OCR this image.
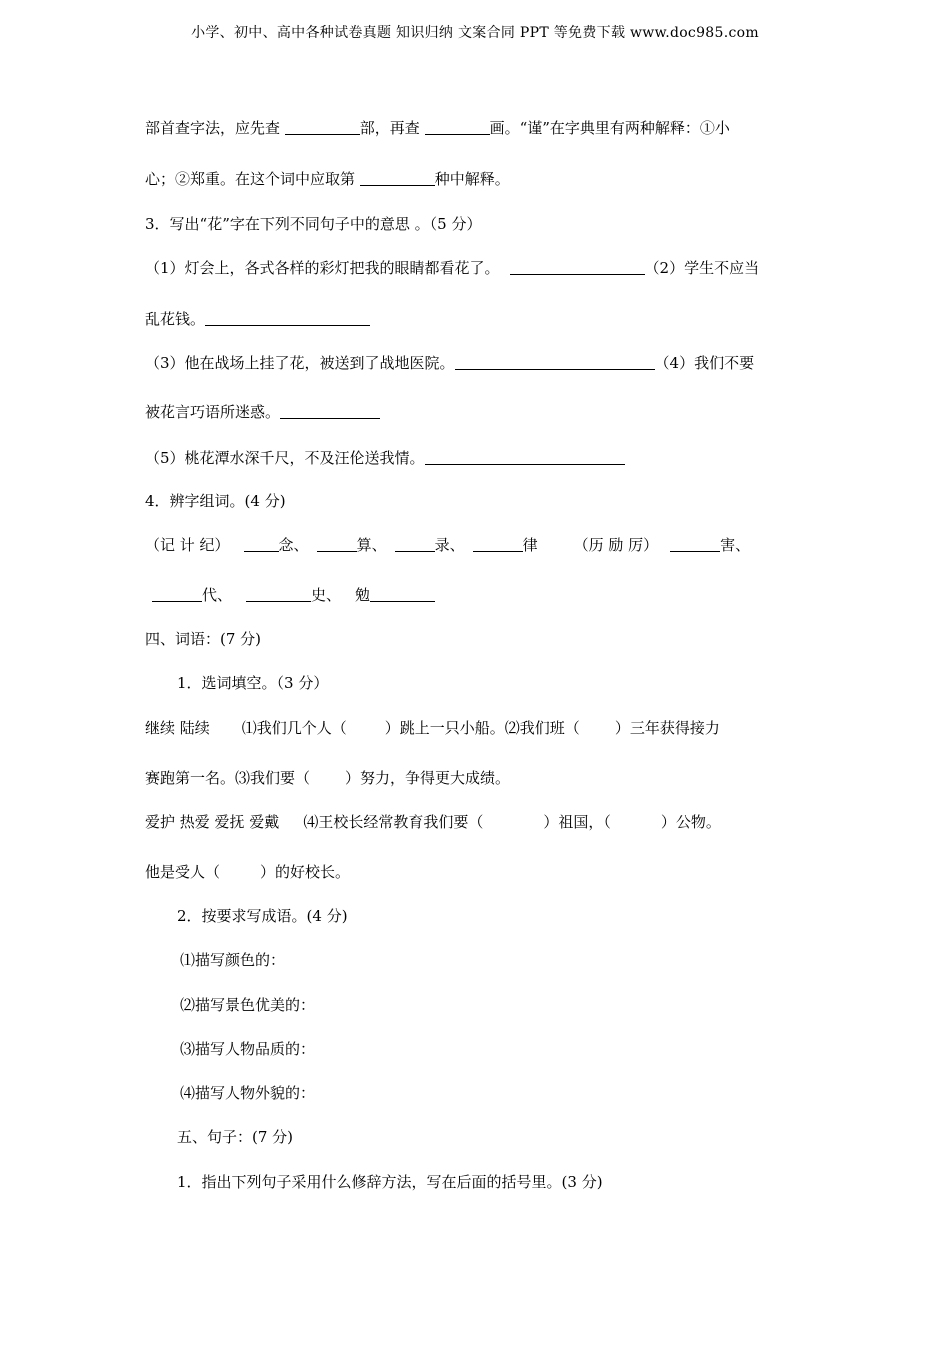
小学、初中、高中各种试卷真题 知识归纳 文案合同 PPT 等免费下载 www.doc985.com
部首查字法，应先查	部，再查	画。“谨”在字典里有两种解释：①小
心；②郑重。在这个词中应取第	种中解释。
3．写出“花”字在下列不同句子中的意思 。（5 分）
（1）灯会上，各式各样的彩灯把我的眼睛都看花了。	（2）学生不应当
乱花钱。
（3）他在战场上挂了花，被送到了战地医院。	（4）我们不要
被花言巧语所迷惑。
（5）桃花潭水深千尺，不及汪伦送我情。
4．辨字组词。(4 分)
（记 计 纪）	念、	算、	录、	律 （历 励 厉）	害、
代、	史、 勉
四、词语：(7 分)
1．选词填空。（3 分）
继续 陆续 ⑴我们几个人（	）跳上一只小船。⑵我们班（ ）三年获得接力
赛跑第一名。⑶我们要（ ）努力，争得更大成绩。
爱护 热爱 爱抚 爱戴 ⑷王校长经常教育我们要（	）祖国，（	）公物。
他是受人（	）的好校长。
2．按要求写成语。(4 分)
⑴描写颜色的：
⑵描写景色优美的：
⑶描写人物品质的：
⑷描写人物外貌的：
五、句子：(7 分)
1．指出下列句子采用什么修辞方法，写在后面的括号里。(3 分)
